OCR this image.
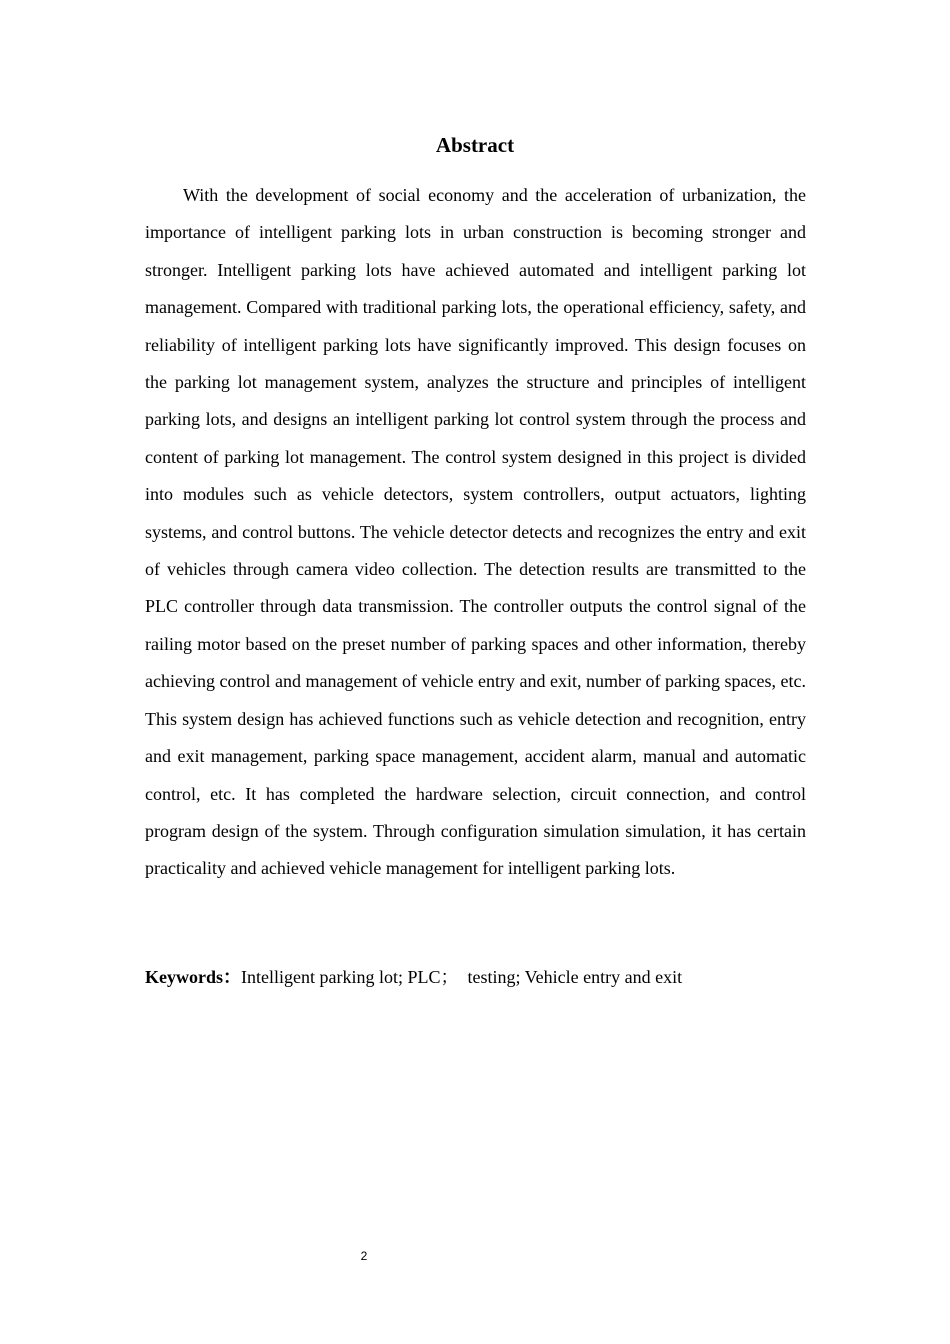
Abstract

With the development of social economy and the acceleration of urbanization, the importance of intelligent parking lots in urban construction is becoming stronger and stronger. Intelligent parking lots have achieved automated and intelligent parking lot management. Compared with traditional parking lots, the operational efficiency, safety, and reliability of intelligent parking lots have significantly improved. This design focuses on the parking lot management system, analyzes the structure and principles of intelligent parking lots, and designs an intelligent parking lot control system through the process and content of parking lot management. The control system designed in this project is divided into modules such as vehicle detectors, system controllers, output actuators, lighting systems, and control buttons. The vehicle detector detects and recognizes the entry and exit of vehicles through camera video collection. The detection results are transmitted to the PLC controller through data transmission. The controller outputs the control signal of the railing motor based on the preset number of parking spaces and other information, thereby achieving control and management of vehicle entry and exit, number of parking spaces, etc. This system design has achieved functions such as vehicle detection and recognition, entry and exit management, parking space management, accident alarm, manual and automatic control, etc. It has completed the hardware selection, circuit connection, and control program design of the system. Through configuration simulation simulation, it has certain practicality and achieved vehicle management for intelligent parking lots.

Keywords：Intelligent parking lot; PLC；  testing; Vehicle entry and exit

2
